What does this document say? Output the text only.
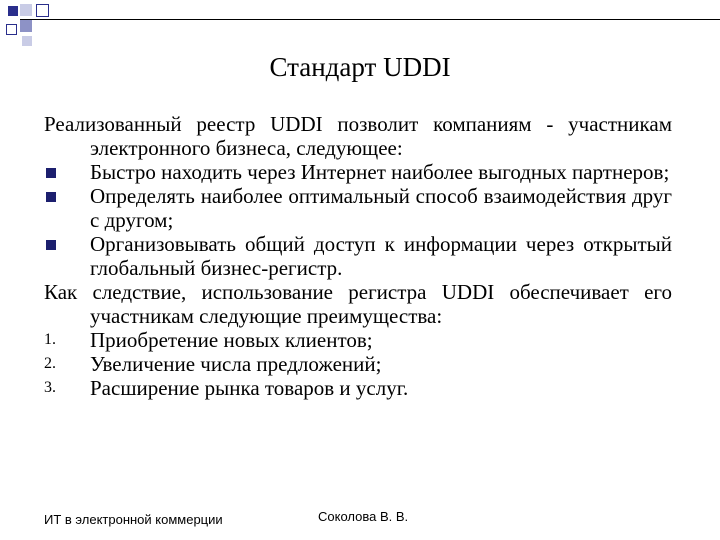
Стандарт UDDI

Реализованный реестр UDDI позволит компаниям - участникам электронного бизнеса, следующее:

Быстро находить через Интернет наиболее выгодных партнеров;
Определять наиболее оптимальный способ взаимодействия друг с другом;
Организовывать общий доступ к информации через открытый глобальный бизнес-регистр.

Как следствие, использование регистра UDDI обеспечивает его участникам следующие преимущества:

1. Приобретение новых клиентов;
2. Увеличение числа предложений;
3. Расширение рынка товаров и услуг.
ИТ в электронной коммерции	Соколова В. В.
